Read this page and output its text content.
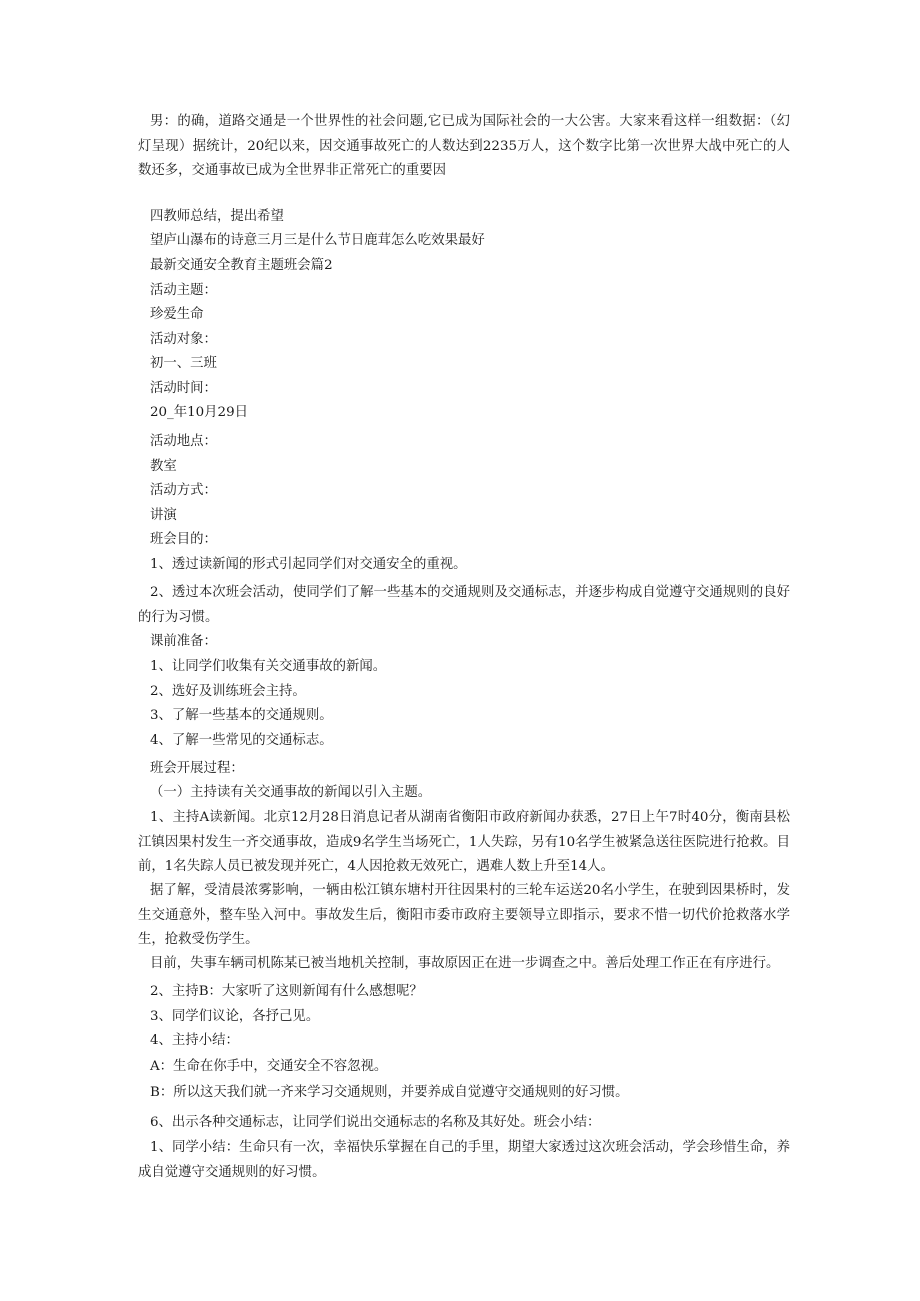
男：的确，道路交通是一个世界性的社会问题,它已成为国际社会的一大公害。大家来看这样一组数据：（幻灯呈现）据统计，20纪以来，因交通事故死亡的人数达到2235万人，这个数字比第一次世界大战中死亡的人数还多，交通事故已成为全世界非正常死亡的重要因

四教师总结，提出希望

望庐山瀑布的诗意三月三是什么节日鹿茸怎么吃效果最好

最新交通安全教育主题班会篇2

活动主题：

珍爱生命

活动对象：

初一、三班

活动时间：

20_年10月29日

活动地点：

教室

活动方式：

讲演

班会目的：

1、透过读新闻的形式引起同学们对交通安全的重视。

2、透过本次班会活动，使同学们了解一些基本的交通规则及交通标志，并逐步构成自觉遵守交通规则的良好的行为习惯。

课前准备：

1、让同学们收集有关交通事故的新闻。

2、选好及训练班会主持。

3、了解一些基本的交通规则。

4、了解一些常见的交通标志。

班会开展过程：

（一）主持读有关交通事故的新闻以引入主题。

1、主持A读新闻。北京12月28日消息记者从湖南省衡阳市政府新闻办获悉，27日上午7时40分，衡南县松江镇因果村发生一齐交通事故，造成9名学生当场死亡，1人失踪，另有10名学生被紧急送往医院进行抢救。目前，1名失踪人员已被发现并死亡，4人因抢救无效死亡，遇难人数上升至14人。

据了解，受清晨浓雾影响，一辆由松江镇东塘村开往因果村的三轮车运送20名小学生，在驶到因果桥时，发生交通意外，整车坠入河中。事故发生后，衡阳市委市政府主要领导立即指示，要求不惜一切代价抢救落水学生，抢救受伤学生。

目前，失事车辆司机陈某已被当地机关控制，事故原因正在进一步调查之中。善后处理工作正在有序进行。

2、主持B：大家听了这则新闻有什么感想呢？

3、同学们议论，各抒己见。

4、主持小结：

A：生命在你手中，交通安全不容忽视。

B：所以这天我们就一齐来学习交通规则，并要养成自觉遵守交通规则的好习惯。

6、出示各种交通标志，让同学们说出交通标志的名称及其好处。班会小结：

1、同学小结：生命只有一次，幸福快乐掌握在自己的手里，期望大家透过这次班会活动，学会珍惜生命，养成自觉遵守交通规则的好习惯。
